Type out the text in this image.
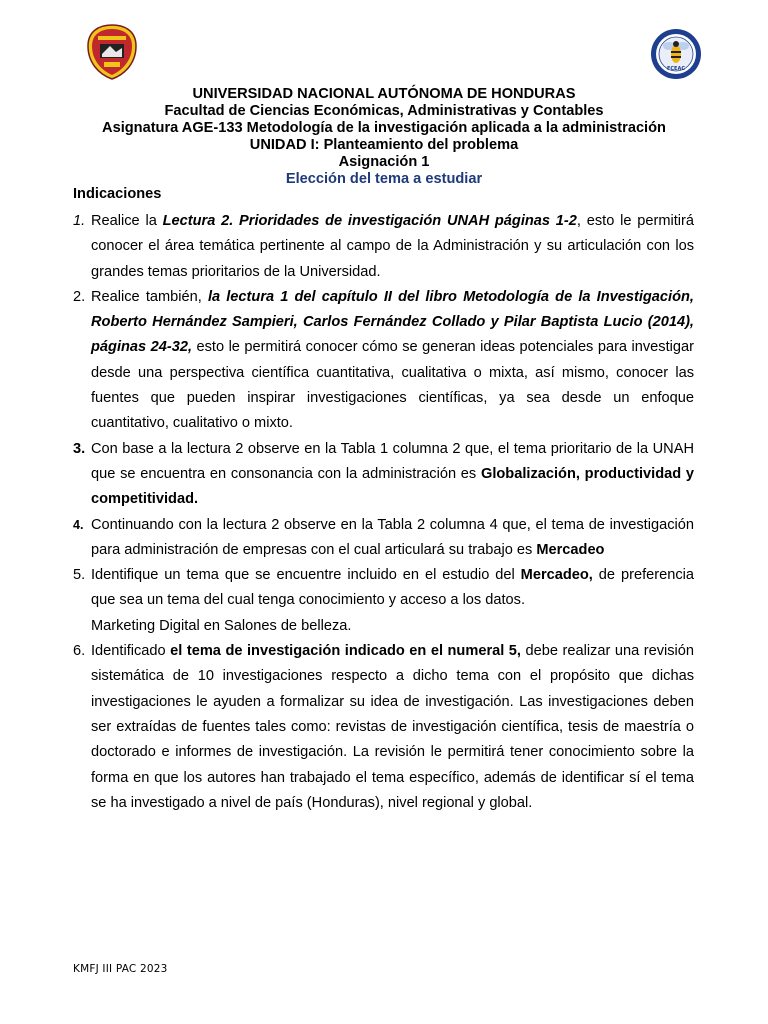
FCEAC
UNIVERSIDAD NACIONAL AUTÓNOMA DE HONDURAS
Facultad de Ciencias Económicas, Administrativas y Contables
Asignatura AGE-133 Metodología de la investigación aplicada a la administración
UNIDAD I: Planteamiento del problema
Asignación 1
Elección del tema a estudiar
Indicaciones
1. Realice la Lectura 2. Prioridades de investigación UNAH páginas 1-2, esto le permitirá conocer el área temática pertinente al campo de la Administración y su articulación con los grandes temas prioritarios de la Universidad.
2. Realice también, la lectura 1 del capítulo II del libro Metodología de la Investigación, Roberto Hernández Sampieri, Carlos Fernández Collado y Pilar Baptista Lucio (2014), páginas 24-32, esto le permitirá conocer cómo se generan ideas potenciales para investigar desde una perspectiva científica cuantitativa, cualitativa o mixta, así mismo, conocer las fuentes que pueden inspirar investigaciones científicas, ya sea desde un enfoque cuantitativo, cualitativo o mixto.
3. Con base a la lectura 2 observe en la Tabla 1 columna 2 que, el tema prioritario de la UNAH que se encuentra en consonancia con la administración es Globalización, productividad y competitividad.
4. Continuando con la lectura 2 observe en la Tabla 2 columna 4 que, el tema de investigación para administración de empresas con el cual articulará su trabajo es Mercadeo
5. Identifique un tema que se encuentre incluido en el estudio del Mercadeo, de preferencia que sea un tema del cual tenga conocimiento y acceso a los datos.
Marketing Digital en Salones de belleza.
6. Identificado el tema de investigación indicado en el numeral 5, debe realizar una revisión sistemática de 10 investigaciones respecto a dicho tema con el propósito que dichas investigaciones le ayuden a formalizar su idea de investigación. Las investigaciones deben ser extraídas de fuentes tales como: revistas de investigación científica, tesis de maestría o doctorado e informes de investigación. La revisión le permitirá tener conocimiento sobre la forma en que los autores han trabajado el tema específico, además de identificar sí el tema se ha investigado a nivel de país (Honduras), nivel regional y global.
KMFJ III PAC 2023
